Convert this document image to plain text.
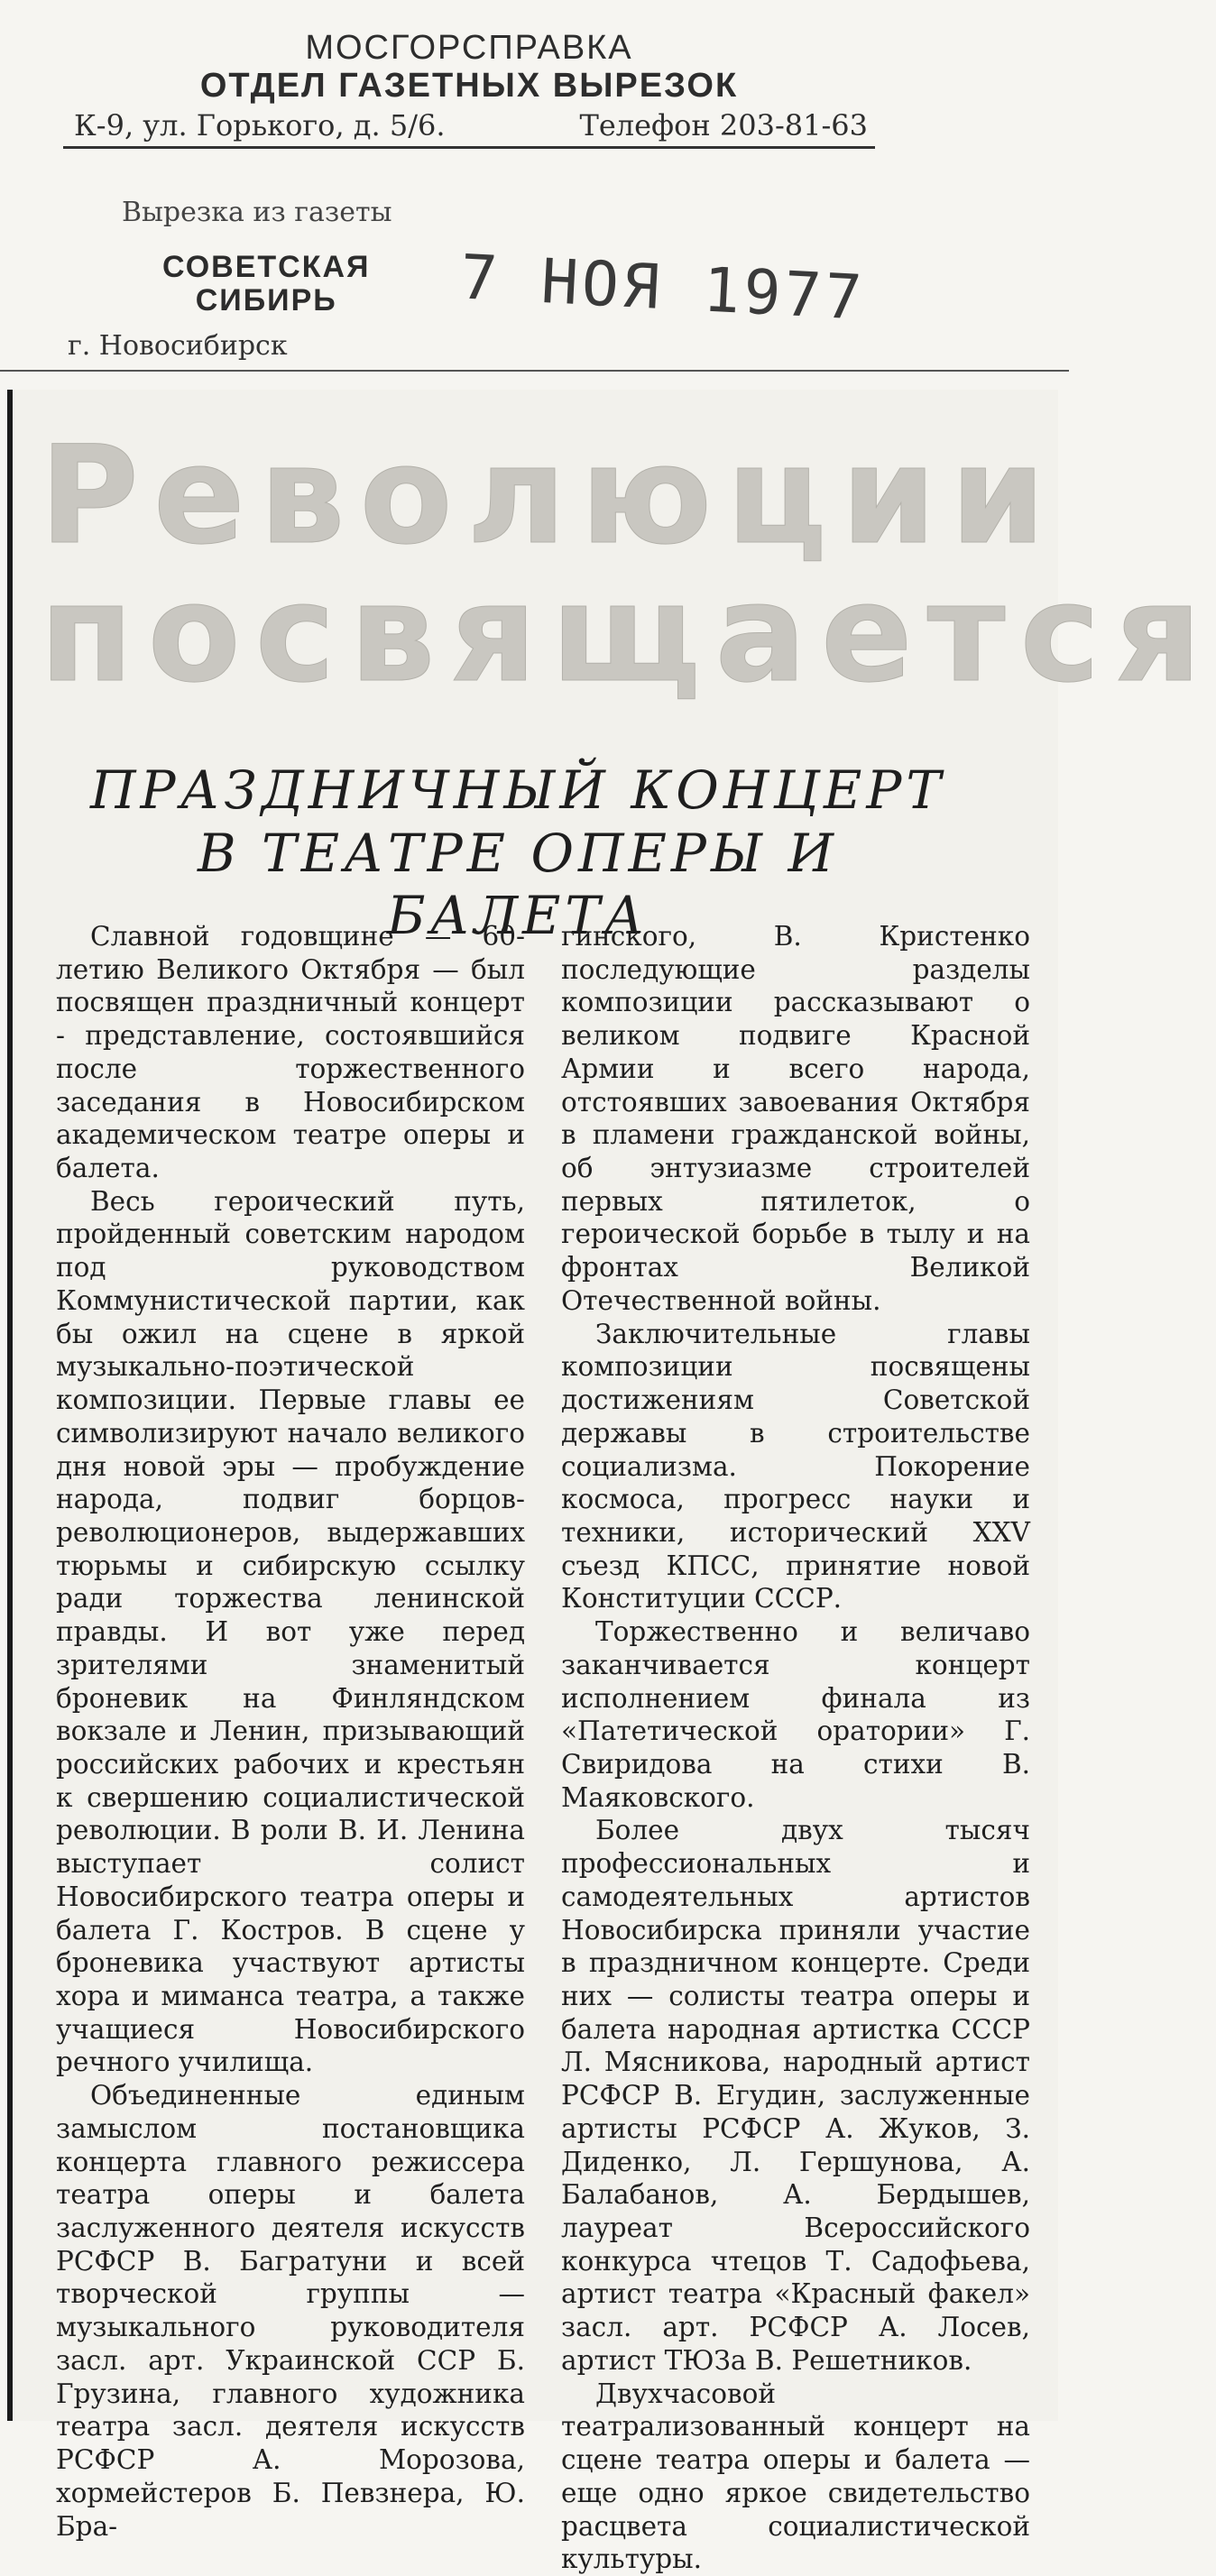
МОСГОРСПРАВКА
ОТДЕЛ ГАЗЕТНЫХ ВЫРЕЗОК
К-9, ул. Горького, д. 5/6.	Телефон 203-81-63
Вырезка из газеты
СОВЕТСКАЯ
СИБИРЬ
г. Новосибирск
7 НОЯ 1977
Революции
посвящается
ПРАЗДНИЧНЫЙ КОНЦЕРТ
В ТЕАТРЕ ОПЕРЫ И БАЛЕТА

Славной годовщине — 60-летию Великого Октября — был посвящен праздничный концерт - представление, состоявшийся после торжественного заседания в Новосибирском академическом театре оперы и балета.

Весь героический путь, пройденный советским народом под руководством Коммунистической партии, как бы ожил на сцене в яркой музыкально-поэтической композиции. Первые главы ее символизируют начало великого дня новой эры — пробуждение народа, подвиг борцов-революционеров, выдержавших тюрьмы и сибирскую ссылку ради торжества ленинской правды. И вот уже перед зрителями знаменитый броневик на Финляндском вокзале и Ленин, призывающий российских рабочих и крестьян к свершению социалистической революции. В роли В. И. Ленина выступает солист Новосибирского театра оперы и балета Г. Костров. В сцене у броневика участвуют артисты хора и миманса театра, а также учащиеся Новосибирского речного училища.

Объединенные единым замыслом постановщика концерта главного режиссера театра оперы и балета заслуженного деятеля искусств РСФСР В. Багратуни и всей творческой группы — музыкального руководителя засл. арт. Украинской ССР Б. Грузина, главного художника театра засл. деятеля искусств РСФСР А. Морозова, хормейстеров Б. Певзнера, Ю. Бра-

гинского, В. Кристенко последующие разделы композиции рассказывают о великом подвиге Красной Армии и всего народа, отстоявших завоевания Октября в пламени гражданской войны, об энтузиазме строителей первых пятилеток, о героической борьбе в тылу и на фронтах Великой Отечественной войны.

Заключительные главы композиции посвящены достижениям Советской державы в строительстве социализма. Покорение космоса, прогресс науки и техники, исторический XXV съезд КПСС, принятие новой Конституции СССР.

Торжественно и величаво заканчивается концерт исполнением финала из «Патетической оратории» Г. Свиридова на стихи В. Маяковского.

Более двух тысяч профессиональных и самодеятельных артистов Новосибирска приняли участие в праздничном концерте. Среди них — солисты театра оперы и балета народная артистка СССР Л. Мясникова, народный артист РСФСР В. Егудин, заслуженные артисты РСФСР А. Жуков, З. Диденко, Л. Гершунова, А. Балабанов, А. Бердышев, лауреат Всероссийского конкурса чтецов Т. Садофьева, артист театра «Красный факел» засл. арт. РСФСР А. Лосев, артист ТЮЗа В. Решетников.

Двухчасовой театрализованный концерт на сцене театра оперы и балета — еще одно яркое свидетельство расцвета социалистической культуры.
